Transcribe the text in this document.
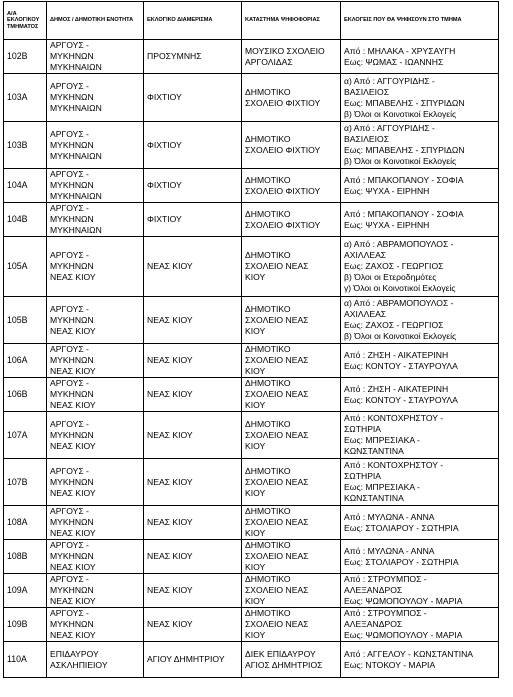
Α/Α
ΕΚΛΟΓΙΚΟΥ
ΤΜΗΜΑΤΟΣ	ΔΗΜΟΣ / ΔΗΜΟΤΙΚΗ ΕΝΟΤΗΤΑ	ΕΚΛΟΓΙΚΟ ΔΙΑΜΕΡΙΣΜΑ	ΚΑΤΑΣΤΗΜΑ ΨΗΦΟΦΟΡΙΑΣ	ΕΚΛΟΓΕΙΣ ΠΟΥ ΘΑ ΨΗΦΙΣΟΥΝ ΣΤΟ ΤΜΗΜΑ

102Β	ΑΡΓΟΥΣ -
ΜΥΚΗΝΩΝ
ΜΥΚΗΝΑΙΩΝ	ΠΡΟΣΥΜΝΗΣ	ΜΟΥΣΙΚΟ ΣΧΟΛΕΙΟ
ΑΡΓΟΛΙΔΑΣ	Από : ΜΗΛΑΚΑ - ΧΡΥΣΑΥΓΗ
Εως: ΨΩΜΑΣ - ΙΩΑΝΝΗΣ

103Α	ΑΡΓΟΥΣ -
ΜΥΚΗΝΩΝ
ΜΥΚΗΝΑΙΩΝ	ΦΙΧΤΙΟΥ	ΔΗΜΟΤΙΚΟ
ΣΧΟΛΕΙΟ ΦΙΧΤΙΟΥ	α) Από : ΑΓΓΟΥΡΙΔΗΣ -
ΒΑΣΙΛΕΙΟΣ
Εως: ΜΠΑΒΕΛΗΣ - ΣΠΥΡΙΔΩΝ
β) Όλοι οι Κοινοτικοί Εκλογείς

103Β	ΑΡΓΟΥΣ -
ΜΥΚΗΝΩΝ
ΜΥΚΗΝΑΙΩΝ	ΦΙΧΤΙΟΥ	ΔΗΜΟΤΙΚΟ
ΣΧΟΛΕΙΟ ΦΙΧΤΙΟΥ	α) Από : ΑΓΓΟΥΡΙΔΗΣ -
ΒΑΣΙΛΕΙΟΣ
Εως: ΜΠΑΒΕΛΗΣ - ΣΠΥΡΙΔΩΝ
β) Όλοι οι Κοινοτικοί Εκλογείς

104Α	ΑΡΓΟΥΣ -
ΜΥΚΗΝΩΝ
ΜΥΚΗΝΑΙΩΝ	ΦΙΧΤΙΟΥ	ΔΗΜΟΤΙΚΟ
ΣΧΟΛΕΙΟ ΦΙΧΤΙΟΥ	Από : ΜΠΑΚΟΠΑΝΟΥ - ΣΟΦΙΑ
Εως: ΨΥΧΑ - ΕΙΡΗΝΗ

104Β	ΑΡΓΟΥΣ -
ΜΥΚΗΝΩΝ
ΜΥΚΗΝΑΙΩΝ	ΦΙΧΤΙΟΥ	ΔΗΜΟΤΙΚΟ
ΣΧΟΛΕΙΟ ΦΙΧΤΙΟΥ	Από : ΜΠΑΚΟΠΑΝΟΥ - ΣΟΦΙΑ
Εως: ΨΥΧΑ - ΕΙΡΗΝΗ

105Α	ΑΡΓΟΥΣ -
ΜΥΚΗΝΩΝ
ΝΕΑΣ ΚΙΟΥ	ΝΕΑΣ ΚΙΟΥ	ΔΗΜΟΤΙΚΟ
ΣΧΟΛΕΙΟ ΝΕΑΣ
ΚΙΟΥ	α) Από : ΑΒΡΑΜΟΠΟΥΛΟΣ -
ΑΧΙΛΛΕΑΣ
Εως: ΖΑΧΟΣ - ΓΕΩΡΓΙΟΣ
β) Όλοι οι Ετεροδημότες
γ) Όλοι οι Κοινοτικοί Εκλογείς

105Β	ΑΡΓΟΥΣ -
ΜΥΚΗΝΩΝ
ΝΕΑΣ ΚΙΟΥ	ΝΕΑΣ ΚΙΟΥ	ΔΗΜΟΤΙΚΟ
ΣΧΟΛΕΙΟ ΝΕΑΣ
ΚΙΟΥ	α) Από : ΑΒΡΑΜΟΠΟΥΛΟΣ -
ΑΧΙΛΛΕΑΣ
Εως: ΖΑΧΟΣ - ΓΕΩΡΓΙΟΣ
β) Όλοι οι Κοινοτικοί Εκλογείς

106Α	ΑΡΓΟΥΣ -
ΜΥΚΗΝΩΝ
ΝΕΑΣ ΚΙΟΥ	ΝΕΑΣ ΚΙΟΥ	ΔΗΜΟΤΙΚΟ
ΣΧΟΛΕΙΟ ΝΕΑΣ
ΚΙΟΥ	Από : ΖΗΣΗ - ΑΙΚΑΤΕΡΙΝΗ
Εως: ΚΟΝΤΟΥ - ΣΤΑΥΡΟΥΛΑ

106Β	ΑΡΓΟΥΣ -
ΜΥΚΗΝΩΝ
ΝΕΑΣ ΚΙΟΥ	ΝΕΑΣ ΚΙΟΥ	ΔΗΜΟΤΙΚΟ
ΣΧΟΛΕΙΟ ΝΕΑΣ
ΚΙΟΥ	Από : ΖΗΣΗ - ΑΙΚΑΤΕΡΙΝΗ
Εως: ΚΟΝΤΟΥ - ΣΤΑΥΡΟΥΛΑ

107Α	ΑΡΓΟΥΣ -
ΜΥΚΗΝΩΝ
ΝΕΑΣ ΚΙΟΥ	ΝΕΑΣ ΚΙΟΥ	ΔΗΜΟΤΙΚΟ
ΣΧΟΛΕΙΟ ΝΕΑΣ
ΚΙΟΥ	Από : ΚΟΝΤΟΧΡΗΣΤΟΥ -
ΣΩΤΗΡΙΑ
Εως: ΜΠΡΕΣΙΑΚΑ -
ΚΩΝΣΤΑΝΤΙΝΑ

107Β	ΑΡΓΟΥΣ -
ΜΥΚΗΝΩΝ
ΝΕΑΣ ΚΙΟΥ	ΝΕΑΣ ΚΙΟΥ	ΔΗΜΟΤΙΚΟ
ΣΧΟΛΕΙΟ ΝΕΑΣ
ΚΙΟΥ	Από : ΚΟΝΤΟΧΡΗΣΤΟΥ -
ΣΩΤΗΡΙΑ
Εως: ΜΠΡΕΣΙΑΚΑ -
ΚΩΝΣΤΑΝΤΙΝΑ

108Α	ΑΡΓΟΥΣ -
ΜΥΚΗΝΩΝ
ΝΕΑΣ ΚΙΟΥ	ΝΕΑΣ ΚΙΟΥ	ΔΗΜΟΤΙΚΟ
ΣΧΟΛΕΙΟ ΝΕΑΣ
ΚΙΟΥ	Από : ΜΥΛΩΝΑ - ΑΝΝΑ
Εως: ΣΤΟΛΙΑΡΟΥ - ΣΩΤΗΡΙΑ

108Β	ΑΡΓΟΥΣ -
ΜΥΚΗΝΩΝ
ΝΕΑΣ ΚΙΟΥ	ΝΕΑΣ ΚΙΟΥ	ΔΗΜΟΤΙΚΟ
ΣΧΟΛΕΙΟ ΝΕΑΣ
ΚΙΟΥ	Από : ΜΥΛΩΝΑ - ΑΝΝΑ
Εως: ΣΤΟΛΙΑΡΟΥ - ΣΩΤΗΡΙΑ

109Α	ΑΡΓΟΥΣ -
ΜΥΚΗΝΩΝ
ΝΕΑΣ ΚΙΟΥ	ΝΕΑΣ ΚΙΟΥ	ΔΗΜΟΤΙΚΟ
ΣΧΟΛΕΙΟ ΝΕΑΣ
ΚΙΟΥ	Από : ΣΤΡΟΥΜΠΟΣ -
ΑΛΕΞΑΝΔΡΟΣ
Εως: ΨΩΜΟΠΟΥΛΟΥ - ΜΑΡΙΑ

109Β	ΑΡΓΟΥΣ -
ΜΥΚΗΝΩΝ
ΝΕΑΣ ΚΙΟΥ	ΝΕΑΣ ΚΙΟΥ	ΔΗΜΟΤΙΚΟ
ΣΧΟΛΕΙΟ ΝΕΑΣ
ΚΙΟΥ	Από : ΣΤΡΟΥΜΠΟΣ -
ΑΛΕΞΑΝΔΡΟΣ
Εως: ΨΩΜΟΠΟΥΛΟΥ - ΜΑΡΙΑ

110Α	ΕΠΙΔΑΥΡΟΥ
ΑΣΚΛΗΠΙΕΙΟΥ	ΑΓΙΟΥ ΔΗΜΗΤΡΙΟΥ	ΔΙΕΚ ΕΠΙΔΑΥΡΟΥ
ΑΓΙΟΣ ΔΗΜΗΤΡΙΟΣ	Από : ΑΓΓΕΛΟΥ - ΚΩΝΣΤΑΝΤΙΝΑ
Εως: ΝΤΟΚΟΥ - ΜΑΡΙΑ
